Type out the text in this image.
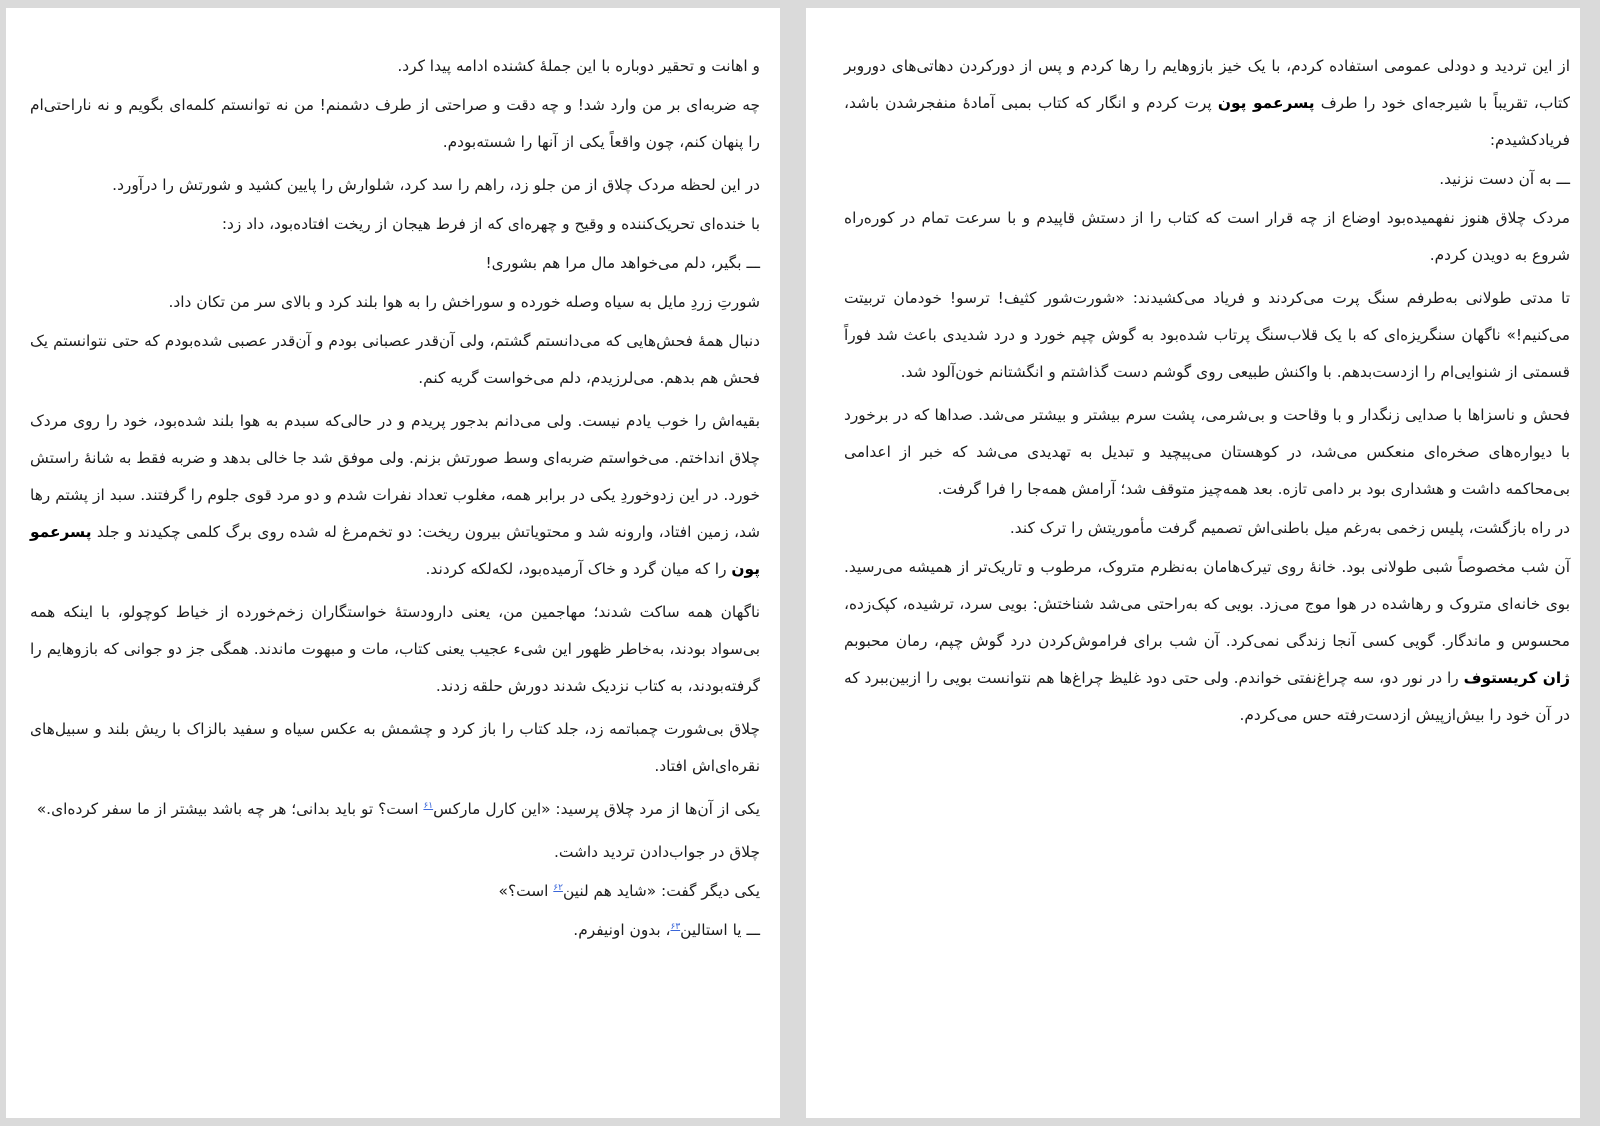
و اهانت و تحقیر دوباره با این جملهٔ کشنده ادامه پیدا کرد.
چه ضربه‌ای بر من وارد شد! و چه دقت و صراحتی از طرف دشمنم! من نه توانستم کلمه‌ای بگویم و نه ناراحتی‌ام را پنهان کنم، چون واقعاً یکی از آنها را شسته‌بودم.
در این لحظه مردک چلاق از من جلو زد، راهم را سد کرد، شلوارش را پایین کشید و شورتش را درآورد.
با خنده‌ای تحریک‌کننده و وقیح و چهره‌ای که از فرط هیجان از ریخت افتاده‌بود، داد زد:
ـــ بگیر، دلم می‌خواهد مال مرا هم بشوری!
شورتِ زردِ مایل به سیاه وصله خورده و سوراخش را به هوا بلند کرد و بالای سر من تکان داد.
دنبال همهٔ فحش‌هایی که می‌دانستم گشتم، ولی آن‌قدر عصبانی بودم و آن‌قدر عصبی شده‌بودم که حتی نتوانستم یک فحش هم بدهم. می‌لرزیدم، دلم می‌خواست گریه کنم.
بقیه‌اش را خوب یادم نیست. ولی می‌دانم بدجور پریدم و در حالی‌که سبدم به هوا بلند شده‌بود، خود را روی مردک چلاق انداختم. می‌خواستم ضربه‌ای وسط صورتش بزنم. ولی موفق شد جا خالی بدهد و ضربه فقط به شانهٔ راستش خورد. در این زدوخوردِ یکی در برابر همه، مغلوب تعداد نفرات شدم و دو مرد قوی جلوم را گرفتند. سبد از پشتم رها شد، زمین افتاد، وارونه شد و محتویاتش بیرون ریخت: دو تخم‌مرغ له شده روی برگ کلمی چکیدند و جلد پسرعمو پون را که میان گرد و خاک آرمیده‌بود، لکه‌لکه کردند.
ناگهان همه ساکت شدند؛ مهاجمین من، یعنی دارودستهٔ خواستگاران زخم‌خورده از خیاط کوچولو، با اینکه همه بی‌سواد بودند، به‌خاطر ظهور این شیء عجیب یعنی کتاب، مات و مبهوت ماندند. همگی جز دو جوانی که بازوهایم را گرفته‌بودند، به کتاب نزدیک شدند دورش حلقه زدند.
چلاق بی‌شورت چمباتمه زد، جلد کتاب را باز کرد و چشمش به عکس سیاه و سفید بالزاک با ریش بلند و سبیل‌های نقره‌ای‌اش افتاد.
یکی از آن‌ها از مرد چلاق پرسید: «این کارل مارکس$^{۶۱}$ است؟ تو باید بدانی؛ هر چه باشد بیشتر از ما سفر کرده‌ای.»
چلاق در جواب‌دادن تردید داشت.
یکی دیگر گفت: «شاید هم لنین$^{۶۲}$ است؟»
ـــ یا استالین$^{۶۳}$، بدون اونیفرم.
از این تردید و دودلی عمومی استفاده کردم، با یک خیز بازوهایم را رها کردم و پس از دورکردن دهاتی‌های دوروبر کتاب، تقریباً با شیرجه‌ای خود را طرف پسرعمو پون پرت کردم و انگار که کتاب بمبی آمادهٔ منفجرشدن باشد، فریادکشیدم:
ـــ به آن دست نزنید.
مردک چلاق هنوز نفهمیده‌بود اوضاع از چه قرار است که کتاب را از دستش قاپیدم و با سرعت تمام در کوره‌راه شروع به دویدن کردم.
تا مدتی طولانی به‌طرفم سنگ پرت می‌کردند و فریاد می‌کشیدند: «شورت‌شور کثیف! ترسو! خودمان تربیتت می‌کنیم!» ناگهان سنگریزه‌ای که با یک قلاب‌سنگ پرتاب شده‌بود به گوش چپم خورد و درد شدیدی باعث شد فوراً قسمتی از شنوایی‌ام را ازدست‌بدهم. با واکنش طبیعی روی گوشم دست گذاشتم و انگشتانم خون‌آلود شد.
فحش و ناسزاها با صدایی زنگدار و با وقاحت و بی‌شرمی، پشت سرم بیشتر و بیشتر می‌شد. صداها که در برخورد با دیواره‌های صخره‌ای منعکس می‌شد، در کوهستان می‌پیچید و تبدیل به تهدیدی می‌شد که خبر از اعدامی بی‌محاکمه داشت و هشداری بود بر دامی تازه. بعد همه‌چیز متوقف شد؛ آرامش همه‌جا را فرا گرفت.
در راه بازگشت، پلیس زخمی به‌رغم میل باطنی‌اش تصمیم گرفت مأموریتش را ترک کند.
آن شب مخصوصاً شبی طولانی بود. خانهٔ روی تیرک‌هامان به‌نظرم متروک، مرطوب و تاریک‌تر از همیشه می‌رسید. بوی خانه‌ای متروک و رهاشده در هوا موج می‌زد. بویی که به‌راحتی می‌شد شناختش: بویی سرد، ترشیده، کپک‌زده، محسوس و ماندگار. گویی کسی آنجا زندگی نمی‌کرد. آن شب برای فراموش‌کردن درد گوش چپم، رمان محبوبم ژان کریستوف را در نور دو، سه چراغ‌نفتی خواندم. ولی حتی دود غلیظ چراغ‌ها هم نتوانست بویی را ازبین‌ببرد که در آن خود را بیش‌ازپیش ازدست‌رفته حس می‌کردم.
